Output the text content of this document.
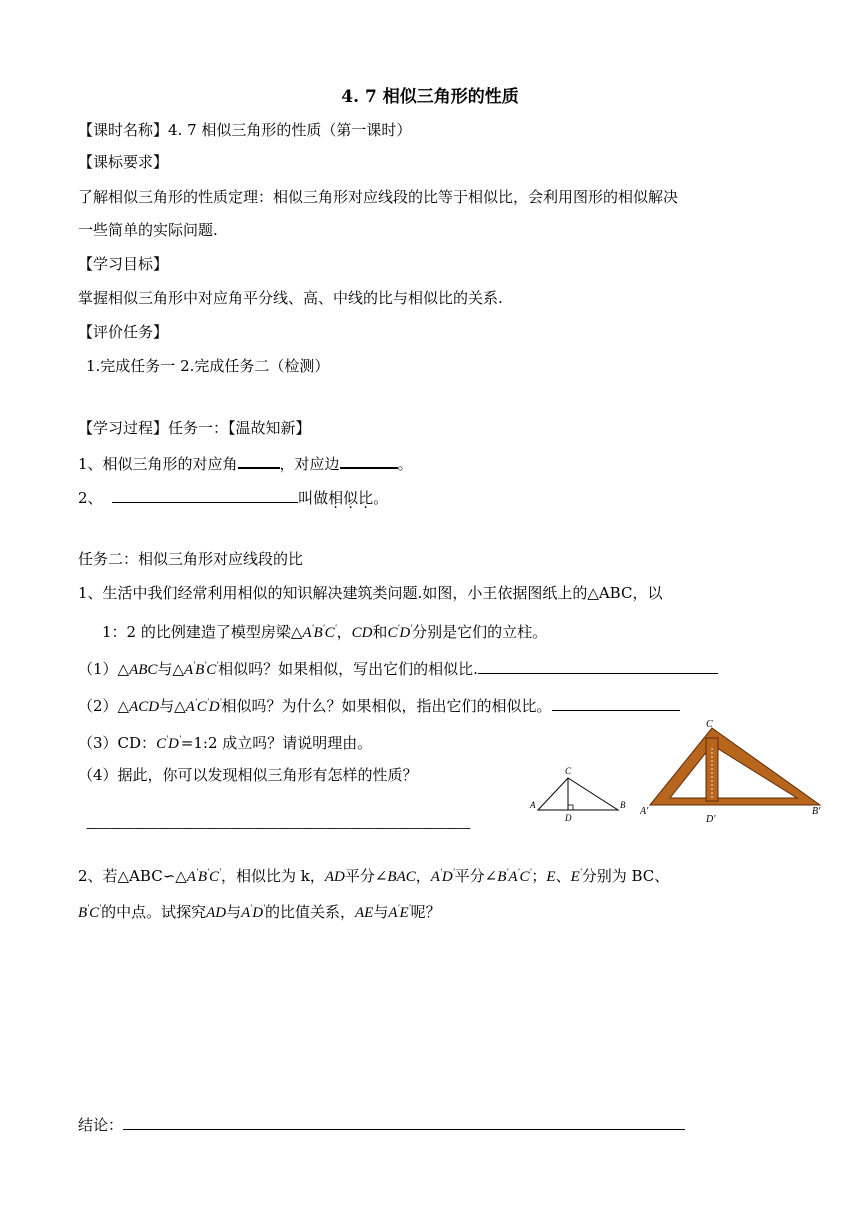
4. 7 相似三角形的性质
【课时名称】4. 7 相似三角形的性质（第一课时）
【课标要求】
了解相似三角形的性质定理：相似三角形对应线段的比等于相似比，会利用图形的相似解决
一些简单的实际问题.
【学习目标】
掌握相似三角形中对应角平分线、高、中线的比与相似比的关系.
【评价任务】
1.完成任务一 2.完成任务二（检测）
【学习过程】任务一：【温故知新】
1、相似三角形的对应角	，对应边	。
2、	叫做相似比。
任务二：相似三角形对应线段的比
1、生活中我们经常利用相似的知识解决建筑类问题.如图，小王依据图纸上的△ABC，以
1：2 的比例建造了模型房梁△A'B'C'，CD和C'D'分别是它们的立柱。
（1）△ABC与△A'B'C'相似吗？如果相似，写出它们的相似比.
（2）△ACD与△A'C'D'相似吗？为什么？如果相似，指出它们的相似比。
（3）CD：C'D'=1:2 成立吗？请说明理由。
（4）据此，你可以发现相似三角形有怎样的性质？
————————————————————————————————
2、若△ABC∽△A'B'C'，相似比为 k，AD平分∠BAC，A'D'平分∠B'A'C'；E、E'分别为 BC、
B'C'的中点。试探究AD与A'D'的比值关系，AE与A'E'呢？
结论：
A	B
C
D
C
A′	B′
D′
